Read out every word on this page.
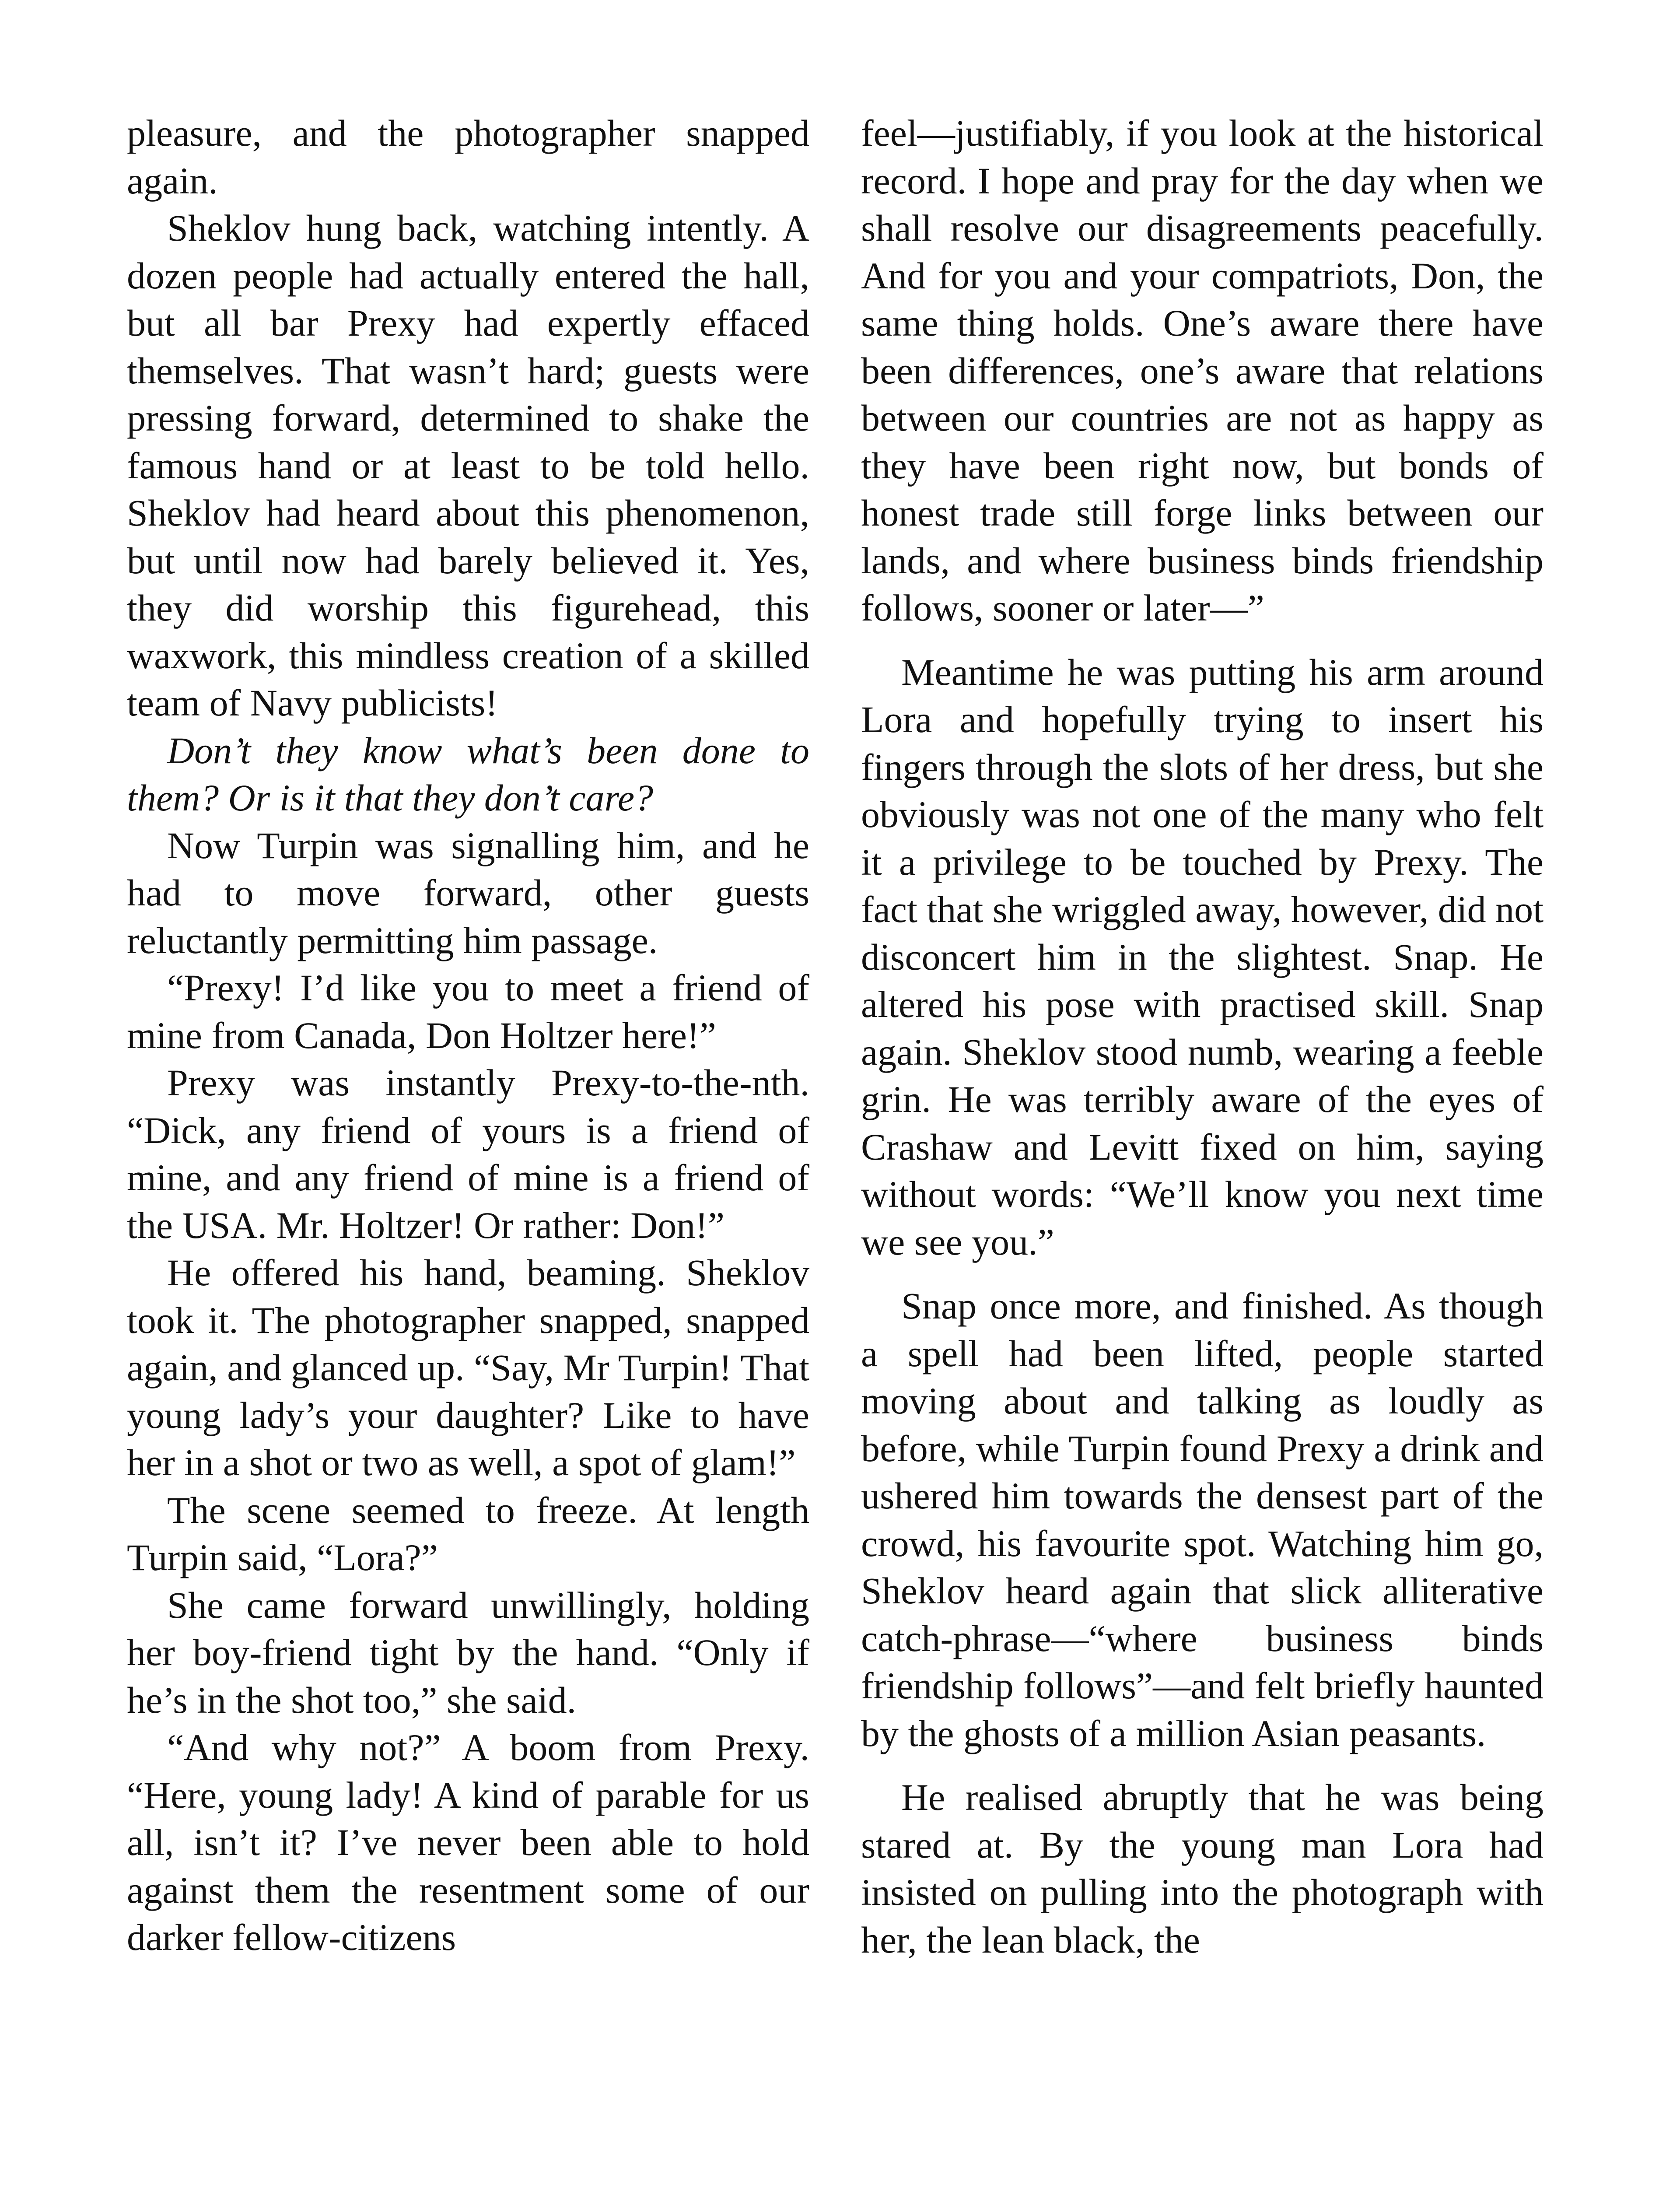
pleasure, and the photographer snapped again.

Sheklov hung back, watching intently. A dozen people had actually entered the hall, but all bar Prexy had expertly effaced themselves. That wasn’t hard; guests were pressing forward, determined to shake the famous hand or at least to be told hello. Sheklov had heard about this phenomenon, but until now had barely believed it. Yes, they did worship this figurehead, this waxwork, this mindless creation of a skilled team of Navy publicists!

Don’t they know what’s been done to them? Or is it that they don’t care?

Now Turpin was signalling him, and he had to move forward, other guests reluctantly permitting him passage.

“Prexy! I’d like you to meet a friend of mine from Canada, Don Holtzer here!”

Prexy was instantly Prexy-to-the-nth. “Dick, any friend of yours is a friend of mine, and any friend of mine is a friend of the USA. Mr. Holtzer! Or rather: Don!”

He offered his hand, beaming. Sheklov took it. The photographer snapped, snapped again, and glanced up. “Say, Mr Turpin! That young lady’s your daughter? Like to have her in a shot or two as well, a spot of glam!”

The scene seemed to freeze. At length Turpin said, “Lora?”

She came forward unwillingly, holding her boy-friend tight by the hand. “Only if he’s in the shot too,” she said.

“And why not?” A boom from Prexy. “Here, young lady! A kind of parable for us all, isn’t it? I’ve never been able to hold against them the resentment some of our darker fellow-citizens

feel—justifiably, if you look at the historical record. I hope and pray for the day when we shall resolve our disagreements peacefully. And for you and your compatriots, Don, the same thing holds. One’s aware there have been differences, one’s aware that relations between our countries are not as happy as they have been right now, but bonds of honest trade still forge links between our lands, and where business binds friendship follows, sooner or later—”

Meantime he was putting his arm around Lora and hopefully trying to insert his fingers through the slots of her dress, but she obviously was not one of the many who felt it a privilege to be touched by Prexy. The fact that she wriggled away, however, did not disconcert him in the slightest. Snap. He altered his pose with practised skill. Snap again. Sheklov stood numb, wearing a feeble grin. He was terribly aware of the eyes of Crashaw and Levitt fixed on him, saying without words: “We’ll know you next time we see you.”

Snap once more, and finished. As though a spell had been lifted, people started moving about and talking as loudly as before, while Turpin found Prexy a drink and ushered him towards the densest part of the crowd, his favourite spot. Watching him go, Sheklov heard again that slick alliterative catch-phrase—“where business binds friendship follows”—and felt briefly haunted by the ghosts of a million Asian peasants.

He realised abruptly that he was being stared at. By the young man Lora had insisted on pulling into the photograph with her, the lean black, the
